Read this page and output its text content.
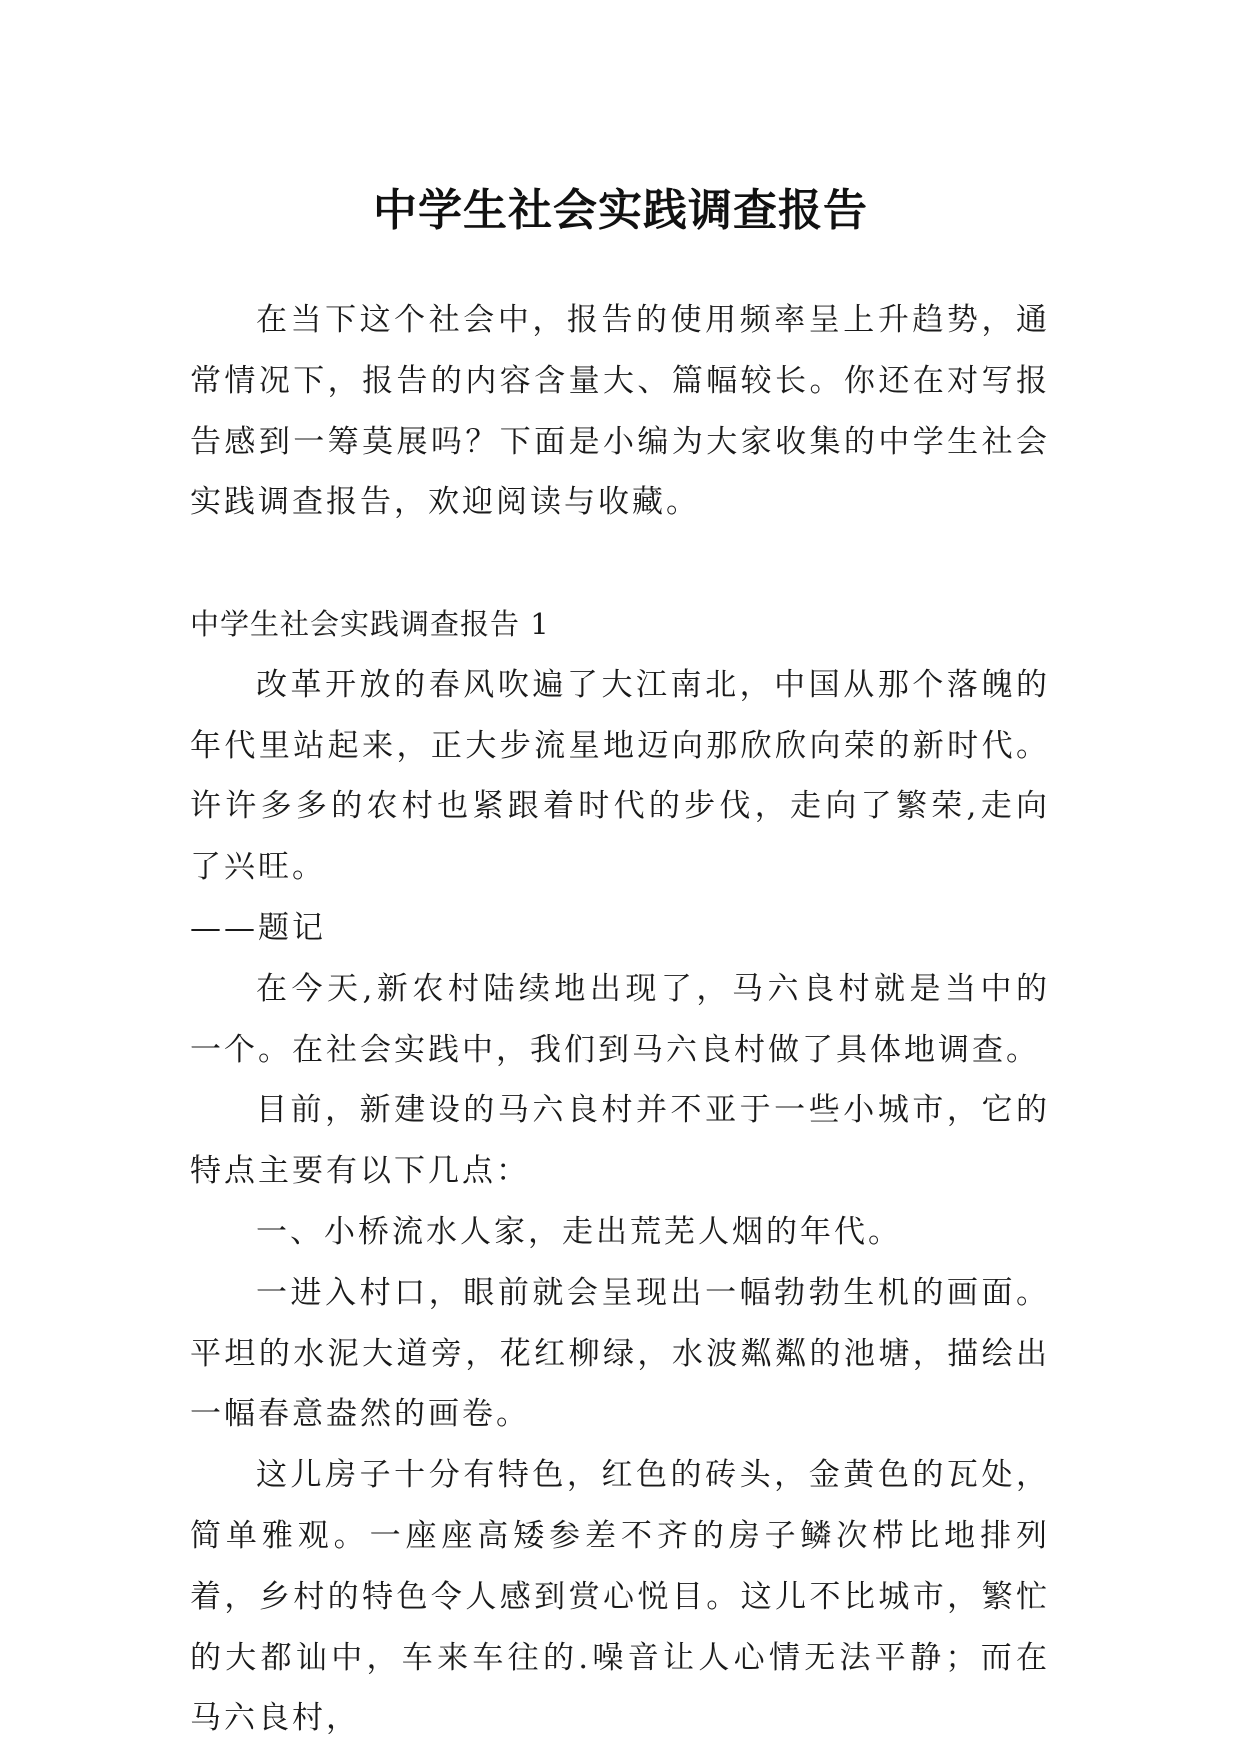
中学生社会实践调查报告

在当下这个社会中，报告的使用频率呈上升趋势，通常情况下，报告的内容含量大、篇幅较长。你还在对写报告感到一筹莫展吗？下面是小编为大家收集的中学生社会实践调查报告，欢迎阅读与收藏。

中学生社会实践调查报告 1

改革开放的春风吹遍了大江南北，中国从那个落魄的年代里站起来，正大步流星地迈向那欣欣向荣的新时代。许许多多的农村也紧跟着时代的步伐，走向了繁荣,走向了兴旺。

——题记

在今天,新农村陆续地出现了，马六良村就是当中的一个。在社会实践中，我们到马六良村做了具体地调查。

目前，新建设的马六良村并不亚于一些小城市，它的特点主要有以下几点：

一、小桥流水人家，走出荒芜人烟的年代。

一进入村口，眼前就会呈现出一幅勃勃生机的画面。平坦的水泥大道旁，花红柳绿，水波粼粼的池塘，描绘出一幅春意盎然的画卷。

这儿房子十分有特色，红色的砖头，金黄色的瓦处，简单雅观。一座座高矮参差不齐的房子鳞次栉比地排列着，乡村的特色令人感到赏心悦目。这儿不比城市，繁忙的大都讪中，车来车往的.噪音让人心情无法平静；而在马六良村，
